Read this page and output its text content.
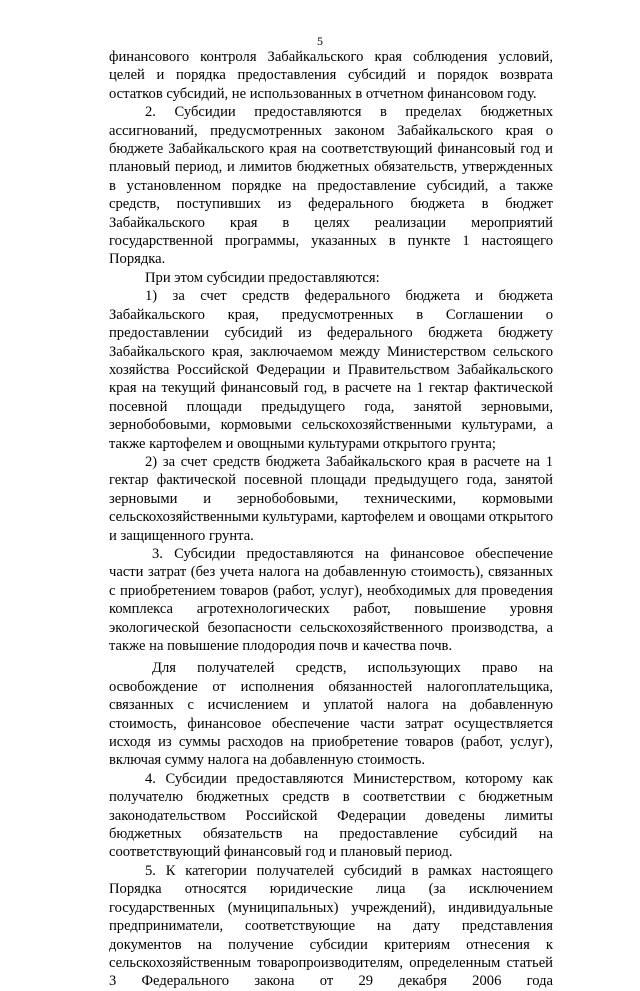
5

финансового контроля Забайкальского края соблюдения условий, целей и порядка предоставления субсидий и порядок возврата остатков субсидий, не использованных в отчетном финансовом году.

2. Субсидии предоставляются в пределах бюджетных ассигнований, предусмотренных законом Забайкальского края о бюджете Забайкальского края на соответствующий финансовый год и плановый период, и лимитов бюджетных обязательств, утвержденных в установленном порядке на предоставление субсидий, а также средств, поступивших из федерального бюджета в бюджет Забайкальского края в целях реализации мероприятий государственной программы, указанных в пункте 1 настоящего Порядка.

При этом субсидии предоставляются:

1) за счет средств федерального бюджета и бюджета Забайкальского края, предусмотренных в Соглашении о предоставлении субсидий из федерального бюджета бюджету Забайкальского края, заключаемом между Министерством сельского хозяйства Российской Федерации и Правительством Забайкальского края на текущий финансовый год, в расчете на 1 гектар фактической посевной площади предыдущего года, занятой зерновыми, зернобобовыми, кормовыми сельскохозяйственными культурами, а также картофелем и овощными культурами открытого грунта;

2) за счет средств бюджета Забайкальского края в расчете на 1 гектар фактической посевной площади предыдущего года, занятой зерновыми и зернобобовыми, техническими, кормовыми сельскохозяйственными культурами, картофелем и овощами открытого и защищенного грунта.

3. Субсидии предоставляются на финансовое обеспечение части затрат (без учета налога на добавленную стоимость), связанных с приобретением товаров (работ, услуг), необходимых для проведения комплекса агротехнологических работ, повышение уровня экологической безопасности сельскохозяйственного производства, а также на повышение плодородия почв и качества почв.

Для получателей средств, использующих право на освобождение от исполнения обязанностей налогоплательщика, связанных с исчислением и уплатой налога на добавленную стоимость, финансовое обеспечение части затрат осуществляется исходя из суммы расходов на приобретение товаров (работ, услуг), включая сумму налога на добавленную стоимость.

4. Субсидии предоставляются Министерством, которому как получателю бюджетных средств в соответствии с бюджетным законодательством Российской Федерации доведены лимиты бюджетных обязательств на предоставление субсидий на соответствующий финансовый год и плановый период.

5. К категории получателей субсидий в рамках настоящего Порядка относятся юридические лица (за исключением государственных (муниципальных) учреждений), индивидуальные предприниматели, соответствующие на дату представления документов на получение субсидии критериям отнесения к сельскохозяйственным товаропроизводителям, определенным статьей 3 Федерального закона от 29 декабря 2006 года
